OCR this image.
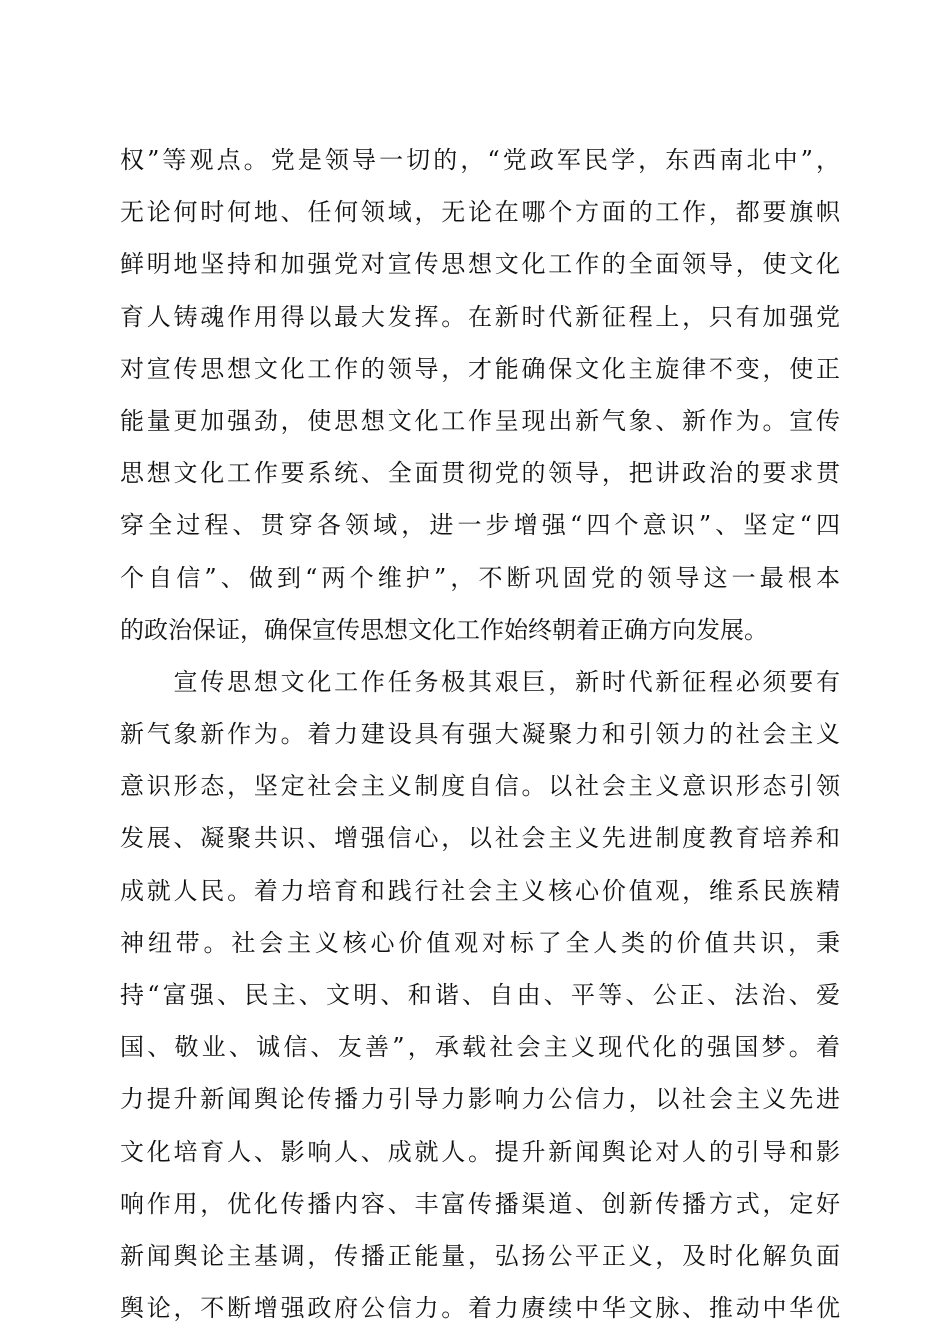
权”等观点。党是领导一切的，“党政军民学，东西南北中”，
无论何时何地、任何领域，无论在哪个方面的工作，都要旗帜
鲜明地坚持和加强党对宣传思想文化工作的全面领导，使文化
育人铸魂作用得以最大发挥。在新时代新征程上，只有加强党
对宣传思想文化工作的领导，才能确保文化主旋律不变，使正
能量更加强劲，使思想文化工作呈现出新气象、新作为。宣传
思想文化工作要系统、全面贯彻党的领导，把讲政治的要求贯
穿全过程、贯穿各领域，进一步增强“四个意识”、坚定“四
个自信”、做到“两个维护”，不断巩固党的领导这一最根本
的政治保证，确保宣传思想文化工作始终朝着正确方向发展。
　　宣传思想文化工作任务极其艰巨，新时代新征程必须要有
新气象新作为。着力建设具有强大凝聚力和引领力的社会主义
意识形态，坚定社会主义制度自信。以社会主义意识形态引领
发展、凝聚共识、增强信心，以社会主义先进制度教育培养和
成就人民。着力培育和践行社会主义核心价值观，维系民族精
神纽带。社会主义核心价值观对标了全人类的价值共识，秉
持“富强、民主、文明、和谐、自由、平等、公正、法治、爱
国、敬业、诚信、友善”，承载社会主义现代化的强国梦。着
力提升新闻舆论传播力引导力影响力公信力，以社会主义先进
文化培育人、影响人、成就人。提升新闻舆论对人的引导和影
响作用，优化传播内容、丰富传播渠道、创新传播方式，定好
新闻舆论主基调，传播正能量，弘扬公平正义，及时化解负面
舆论，不断增强政府公信力。着力赓续中华文脉、推动中华优
